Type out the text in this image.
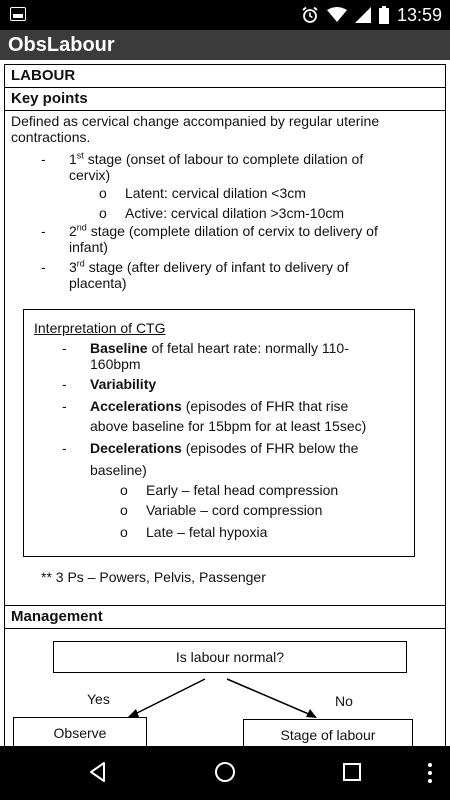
13:59
ObsLabour
LABOUR
Key points
Defined as cervical change accompanied by regular uterine
contractions.
- 1st stage (onset of labour to complete dilation of
cervix)
o Latent: cervical dilation <3cm
o Active: cervical dilation >3cm-10cm
- 2nd stage (complete dilation of cervix to delivery of
infant)
- 3rd stage (after delivery of infant to delivery of
placenta)
Interpretation of CTG
- Baseline of fetal heart rate: normally 110-
160bpm
- Variability
- Accelerations (episodes of FHR that rise
above baseline for 15bpm for at least 15sec)
- Decelerations (episodes of FHR below the
baseline)
o Early – fetal head compression
o Variable – cord compression
o Late – fetal hypoxia
** 3 Ps – Powers, Pelvis, Passenger
Management
Is labour normal?
Yes	No
Observe	Stage of labour
